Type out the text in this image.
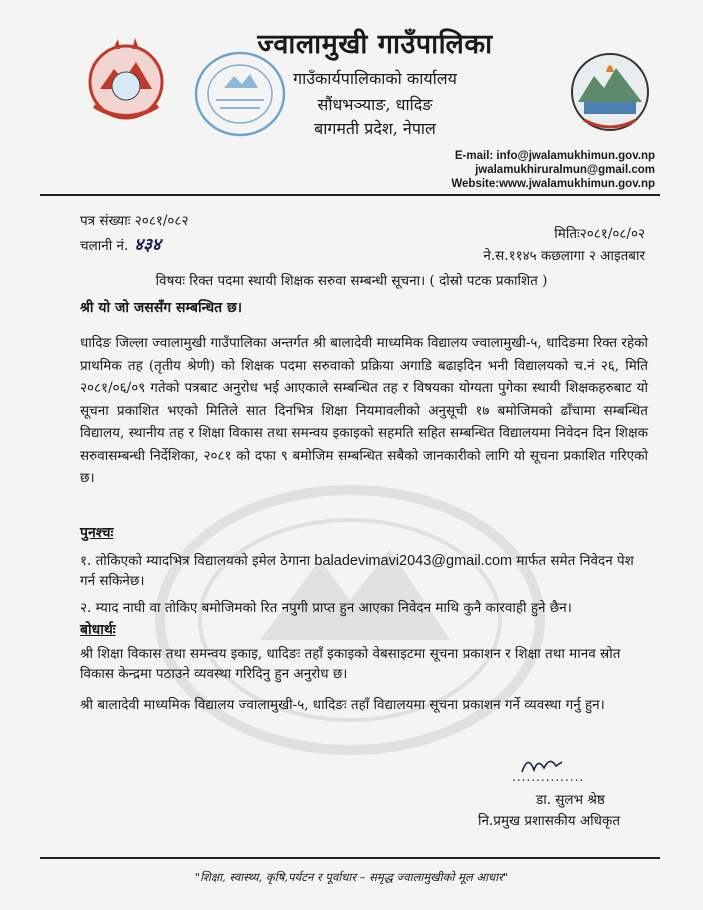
ज्वालामुखी गाउँपालिका
गाउँकार्यपालिकाको कार्यालय
सौंधभञ्याङ, धादिङ
बागमती प्रदेश, नेपाल
E-mail: info@jwalamukhimun.gov.np
jwalamukhiruralmun@gmail.com
Website:www.jwalamukhimun.gov.np
पत्र संख्याः २०८१/०८२
चलानी नं. ४३४
मितिः२०८१/०८/०२
ने.स.११४५ कछलागा २ आइतबार
विषयः रिक्त पदमा स्थायी शिक्षक सरुवा सम्बन्धी सूचना। ( दोस्रो पटक प्रकाशित )
श्री यो जो जससँग सम्बन्धित छ।
धादिङ जिल्ला ज्वालामुखी गाउँपालिका अन्तर्गत श्री बालादेवी माध्यमिक विद्यालय ज्वालामुखी-५, धादिङमा रिक्त रहेको प्राथमिक तह (तृतीय श्रेणी) को शिक्षक पदमा सरुवाको प्रक्रिया अगाडि बढाइदिन भनी विद्यालयको च.नं २६, मिति २०८१/०६/०९ गतेको पत्रबाट अनुरोध भई आएकाले सम्बन्धित तह र विषयका योग्यता पुगेका स्थायी शिक्षकहरुबाट यो सूचना प्रकाशित भएको मितिले सात दिनभित्र शिक्षा नियमावलीको अनुसूची १७ बमोजिमको ढाँचामा सम्बन्धित विद्यालय, स्थानीय तह र शिक्षा विकास तथा समन्वय इकाइको सहमति सहित सम्बन्धित विद्यालयमा निवेदन दिन शिक्षक सरुवासम्बन्धी निर्देशिका, २०८१ को दफा ९ बमोजिम सम्बन्धित सबैको जानकारीको लागि यो सूचना प्रकाशित गरिएको छ।
पुनश्चः
१. तोकिएको म्यादभित्र विद्यालयको इमेल ठेगाना baladevimavi2043@gmail.com मार्फत समेत निवेदन पेश गर्न सकिनेछ।
२. म्याद नाघी वा तोकिए बमोजिमको रित नपुगी प्राप्त हुन आएका निवेदन माथि कुनै कारवाही हुने छैन।
बोधार्थः
श्री शिक्षा विकास तथा समन्वय इकाइ, धादिङः तहाँ इकाइको वेबसाइटमा सूचना प्रकाशन र शिक्षा तथा मानव स्रोत विकास केन्द्रमा पठाउने व्यवस्था गरिदिनु हुन अनुरोध छ।
श्री बालादेवी माध्यमिक विद्यालय ज्वालामुखी-५, धादिङः तहाँ विद्यालयमा सूचना प्रकाशन गर्ने व्यवस्था गर्नु हुन।
...............
डा. सुलभ श्रेष्ठ
नि.प्रमुख प्रशासकीय अधिकृत
"शिक्षा, स्वास्थ्य, कृषि,पर्यटन र पूर्वाधार – समृद्ध ज्वालामुखीको मूल आधार"
